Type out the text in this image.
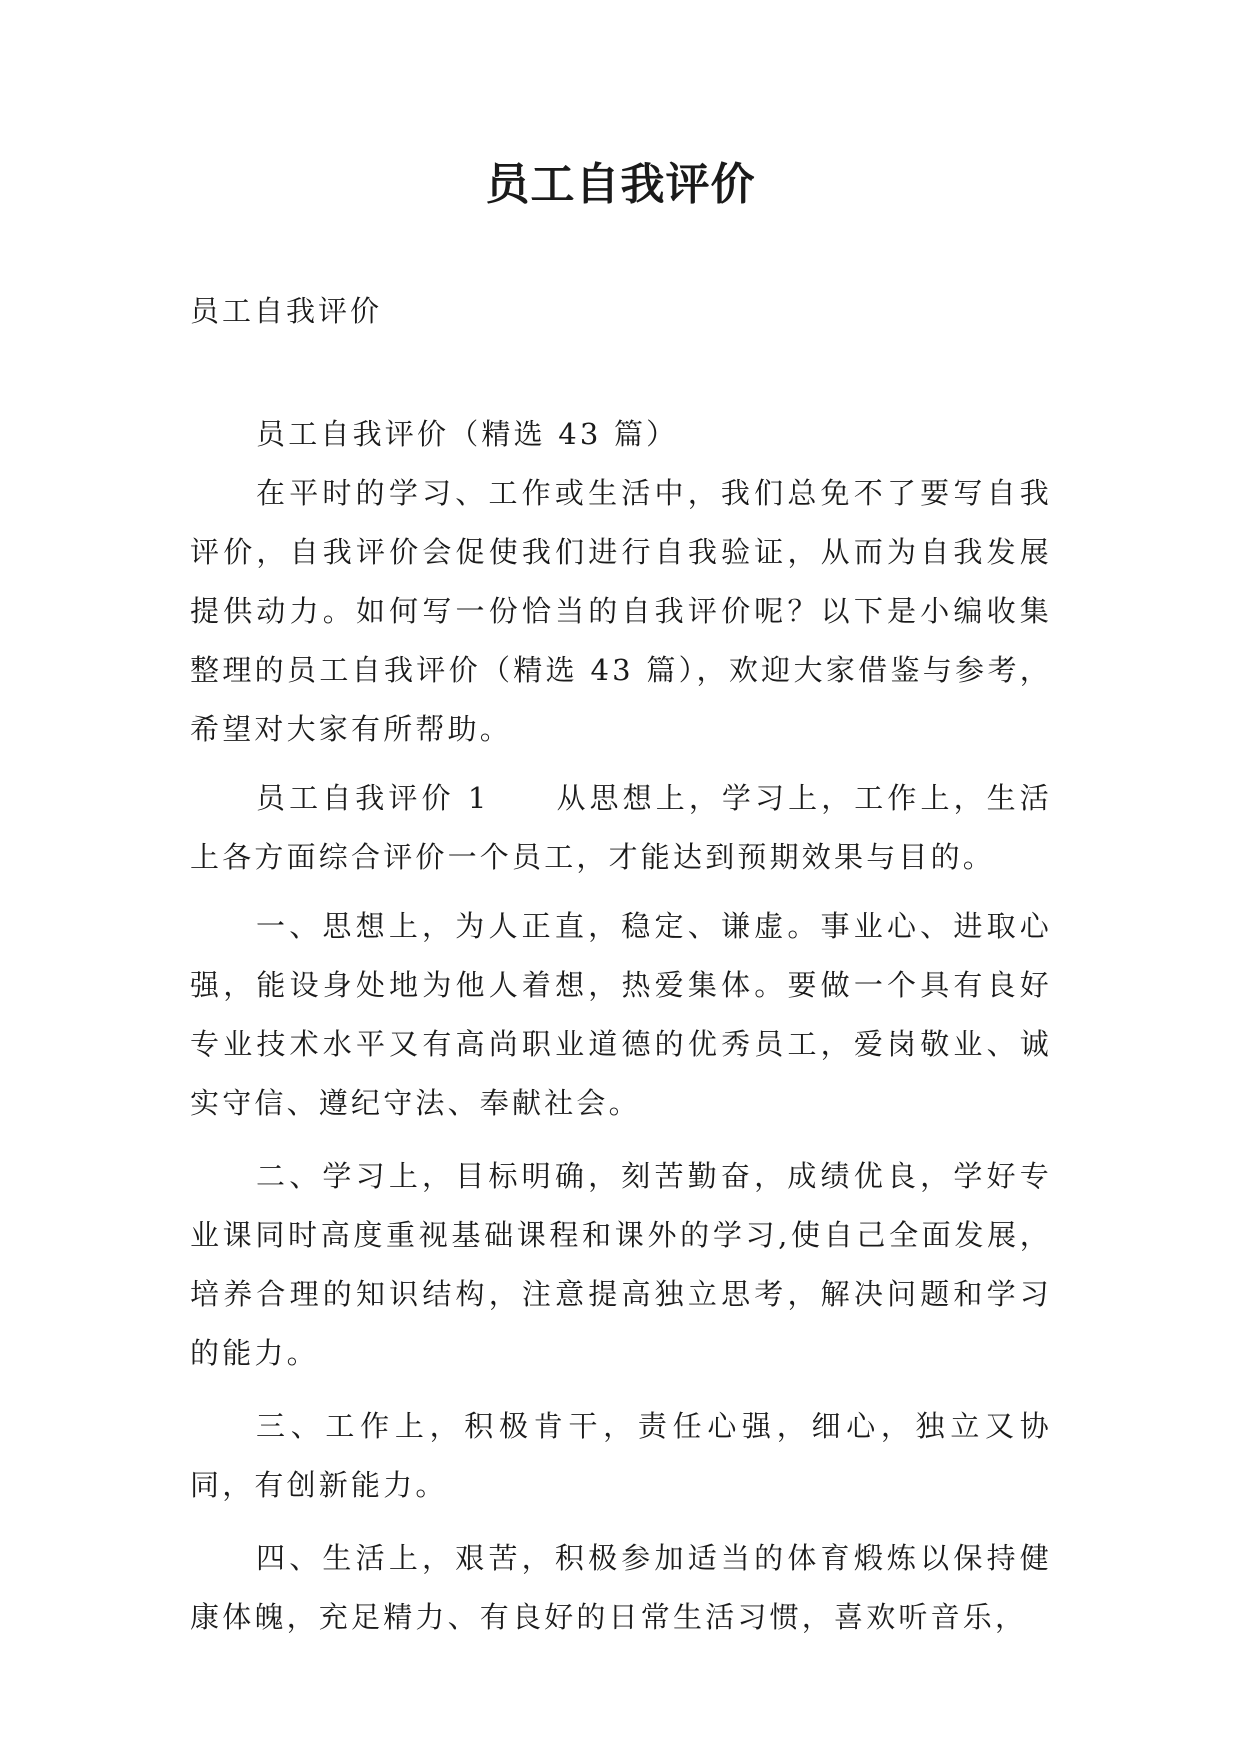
员工自我评价

员工自我评价

员工自我评价（精选 43 篇）

在平时的学习、工作或生活中，我们总免不了要写自我评价，自我评价会促使我们进行自我验证，从而为自我发展提供动力。如何写一份恰当的自我评价呢？以下是小编收集整理的员工自我评价（精选 43 篇），欢迎大家借鉴与参考，希望对大家有所帮助。

员工自我评价 1 从思想上，学习上，工作上，生活上各方面综合评价一个员工，才能达到预期效果与目的。

一、思想上，为人正直，稳定、谦虚。事业心、进取心强，能设身处地为他人着想，热爱集体。要做一个具有良好专业技术水平又有高尚职业道德的优秀员工，爱岗敬业、诚实守信、遵纪守法、奉献社会。

二、学习上，目标明确，刻苦勤奋，成绩优良，学好专业课同时高度重视基础课程和课外的学习,使自己全面发展，培养合理的知识结构，注意提高独立思考，解决问题和学习的能力。

三、工作上，积极肯干，责任心强，细心，独立又协同，有创新能力。

四、生活上，艰苦，积极参加适当的体育煅炼以保持健康体魄，充足精力、有良好的日常生活习惯，喜欢听音乐，
